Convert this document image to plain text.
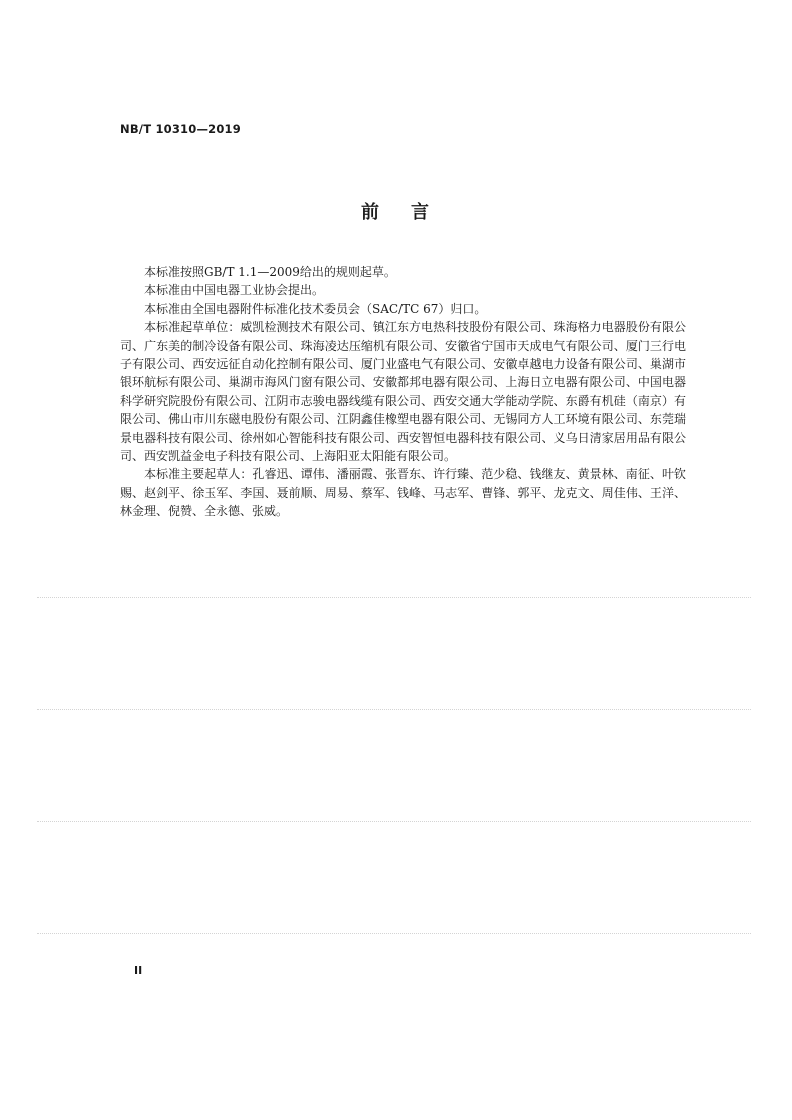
NB/T 10310—2019
前 言

本标准按照GB/T 1.1—2009给出的规则起草。

本标准由中国电器工业协会提出。

本标准由全国电器附件标准化技术委员会（SAC/TC 67）归口。

本标准起草单位：威凯检测技术有限公司、镇江东方电热科技股份有限公司、珠海格力电器股份有限公司、广东美的制冷设备有限公司、珠海凌达压缩机有限公司、安徽省宁国市天成电气有限公司、厦门三行电子有限公司、西安远征自动化控制有限公司、厦门业盛电气有限公司、安徽卓越电力设备有限公司、巢湖市银环航标有限公司、巢湖市海风门窗有限公司、安徽都邦电器有限公司、上海日立电器有限公司、中国电器科学研究院股份有限公司、江阴市志骏电器线缆有限公司、西安交通大学能动学院、东爵有机硅（南京）有限公司、佛山市川东磁电股份有限公司、江阴鑫佳橡塑电器有限公司、无锡同方人工环境有限公司、东莞瑞景电器科技有限公司、徐州如心智能科技有限公司、西安智恒电器科技有限公司、义乌日清家居用品有限公司、西安凯益金电子科技有限公司、上海阳亚太阳能有限公司。

本标准主要起草人：孔睿迅、谭伟、潘丽霞、张晋东、许行臻、范少稳、钱继友、黄景林、南征、叶钦赐、赵剑平、徐玉军、李国、聂前顺、周易、蔡军、钱峰、马志军、曹锋、郭平、龙克文、周佳伟、王洋、林金理、倪赞、全永德、张威。

II
